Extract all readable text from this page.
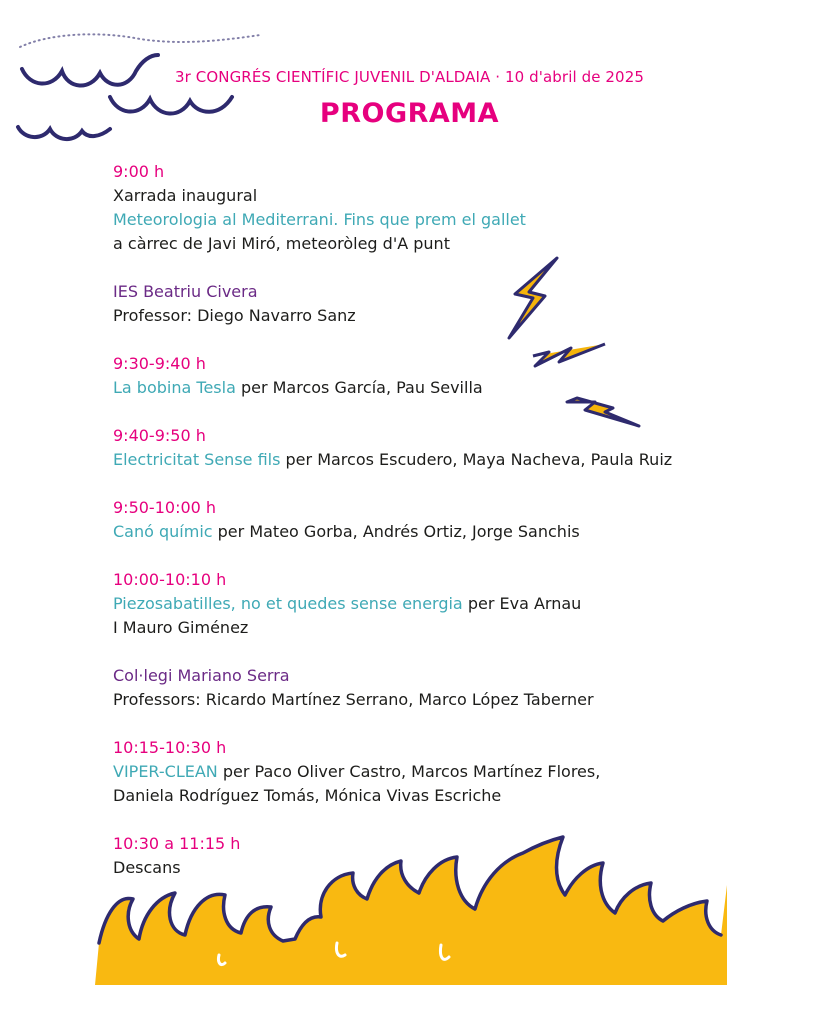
3r CONGRÉS CIENTÍFIC JUVENIL D'ALDAIA · 10 d'abril de 2025
PROGRAMA
9:00 h
Xarrada inaugural
Meteorologia al Mediterrani. Fins que prem el gallet
a càrrec de Javi Miró, meteoròleg d'A punt
IES Beatriu Civera
Professor: Diego Navarro Sanz
9:30-9:40 h
La bobina Tesla per Marcos García, Pau Sevilla
9:40-9:50 h
Electricitat Sense fils per Marcos Escudero, Maya Nacheva, Paula Ruiz
9:50-10:00 h
Canó químic per Mateo Gorba, Andrés Ortiz, Jorge Sanchis
10:00-10:10 h
Piezosabatilles, no et quedes sense energia per Eva Arnau
I Mauro Giménez
Col·legi Mariano Serra
Professors: Ricardo Martínez Serrano, Marco López Taberner
10:15-10:30 h
VIPER-CLEAN per Paco Oliver Castro, Marcos Martínez Flores,
Daniela Rodríguez Tomás, Mónica Vivas Escriche
10:30 a 11:15 h
Descans
